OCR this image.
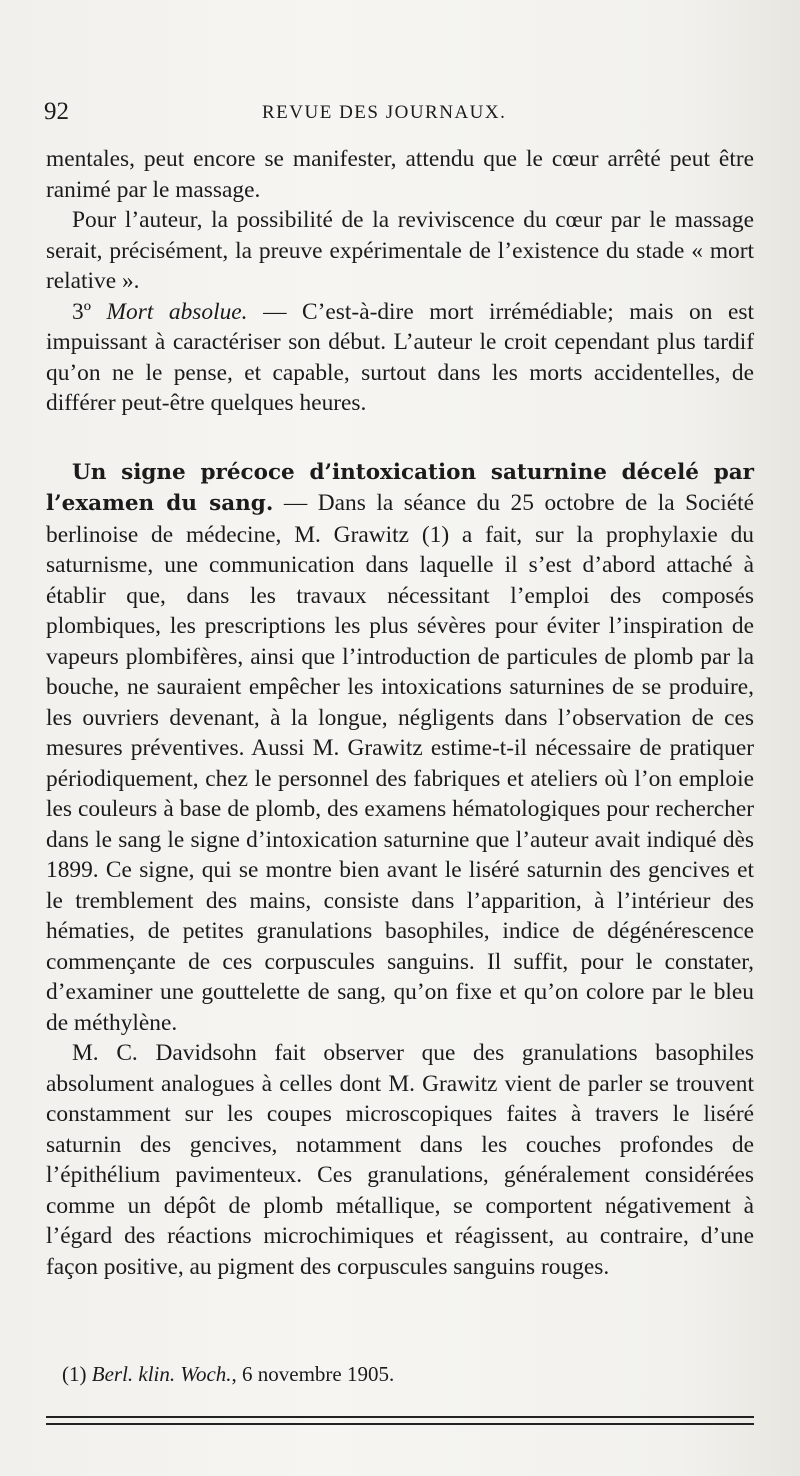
92	REVUE DES JOURNAUX.

mentales, peut encore se manifester, attendu que le cœur arrêté peut être ranimé par le massage.

Pour l’auteur, la possibilité de la reviviscence du cœur par le massage serait, précisément, la preuve expérimentale de l’existence du stade « mort relative ».

3º Mort absolue. — C’est-à-dire mort irrémédiable; mais on est impuissant à caractériser son début. L’auteur le croit cependant plus tardif qu’on ne le pense, et capable, surtout dans les morts accidentelles, de différer peut-être quelques heures.

Un signe précoce d’intoxication saturnine décelé par l’examen du sang. — Dans la séance du 25 octobre de la Société berlinoise de médecine, M. Grawitz (1) a fait, sur la prophylaxie du saturnisme, une communication dans laquelle il s’est d’abord attaché à établir que, dans les travaux nécessitant l’emploi des composés plombiques, les prescriptions les plus sévères pour éviter l’inspiration de vapeurs plombifères, ainsi que l’introduction de particules de plomb par la bouche, ne sauraient empêcher les intoxications saturnines de se produire, les ouvriers devenant, à la longue, négligents dans l’observation de ces mesures préventives. Aussi M. Grawitz estime-t-il nécessaire de pratiquer périodiquement, chez le personnel des fabriques et ateliers où l’on emploie les couleurs à base de plomb, des examens hématologiques pour rechercher dans le sang le signe d’intoxication saturnine que l’auteur avait indiqué dès 1899. Ce signe, qui se montre bien avant le liséré saturnin des gencives et le tremblement des mains, consiste dans l’apparition, à l’intérieur des hématies, de petites granulations basophiles, indice de dégénérescence commençante de ces corpuscules sanguins. Il suffit, pour le constater, d’examiner une gouttelette de sang, qu’on fixe et qu’on colore par le bleu de méthylène.

M. C. Davidsohn fait observer que des granulations basophiles absolument analogues à celles dont M. Grawitz vient de parler se trouvent constamment sur les coupes microscopiques faites à travers le liséré saturnin des gencives, notamment dans les couches profondes de l’épithélium pavimenteux. Ces granulations, généralement considérées comme un dépôt de plomb métallique, se comportent négativement à l’égard des réactions microchimiques et réagissent, au contraire, d’une façon positive, au pigment des corpuscules sanguins rouges.

(1) Berl. klin. Woch., 6 novembre 1905.
